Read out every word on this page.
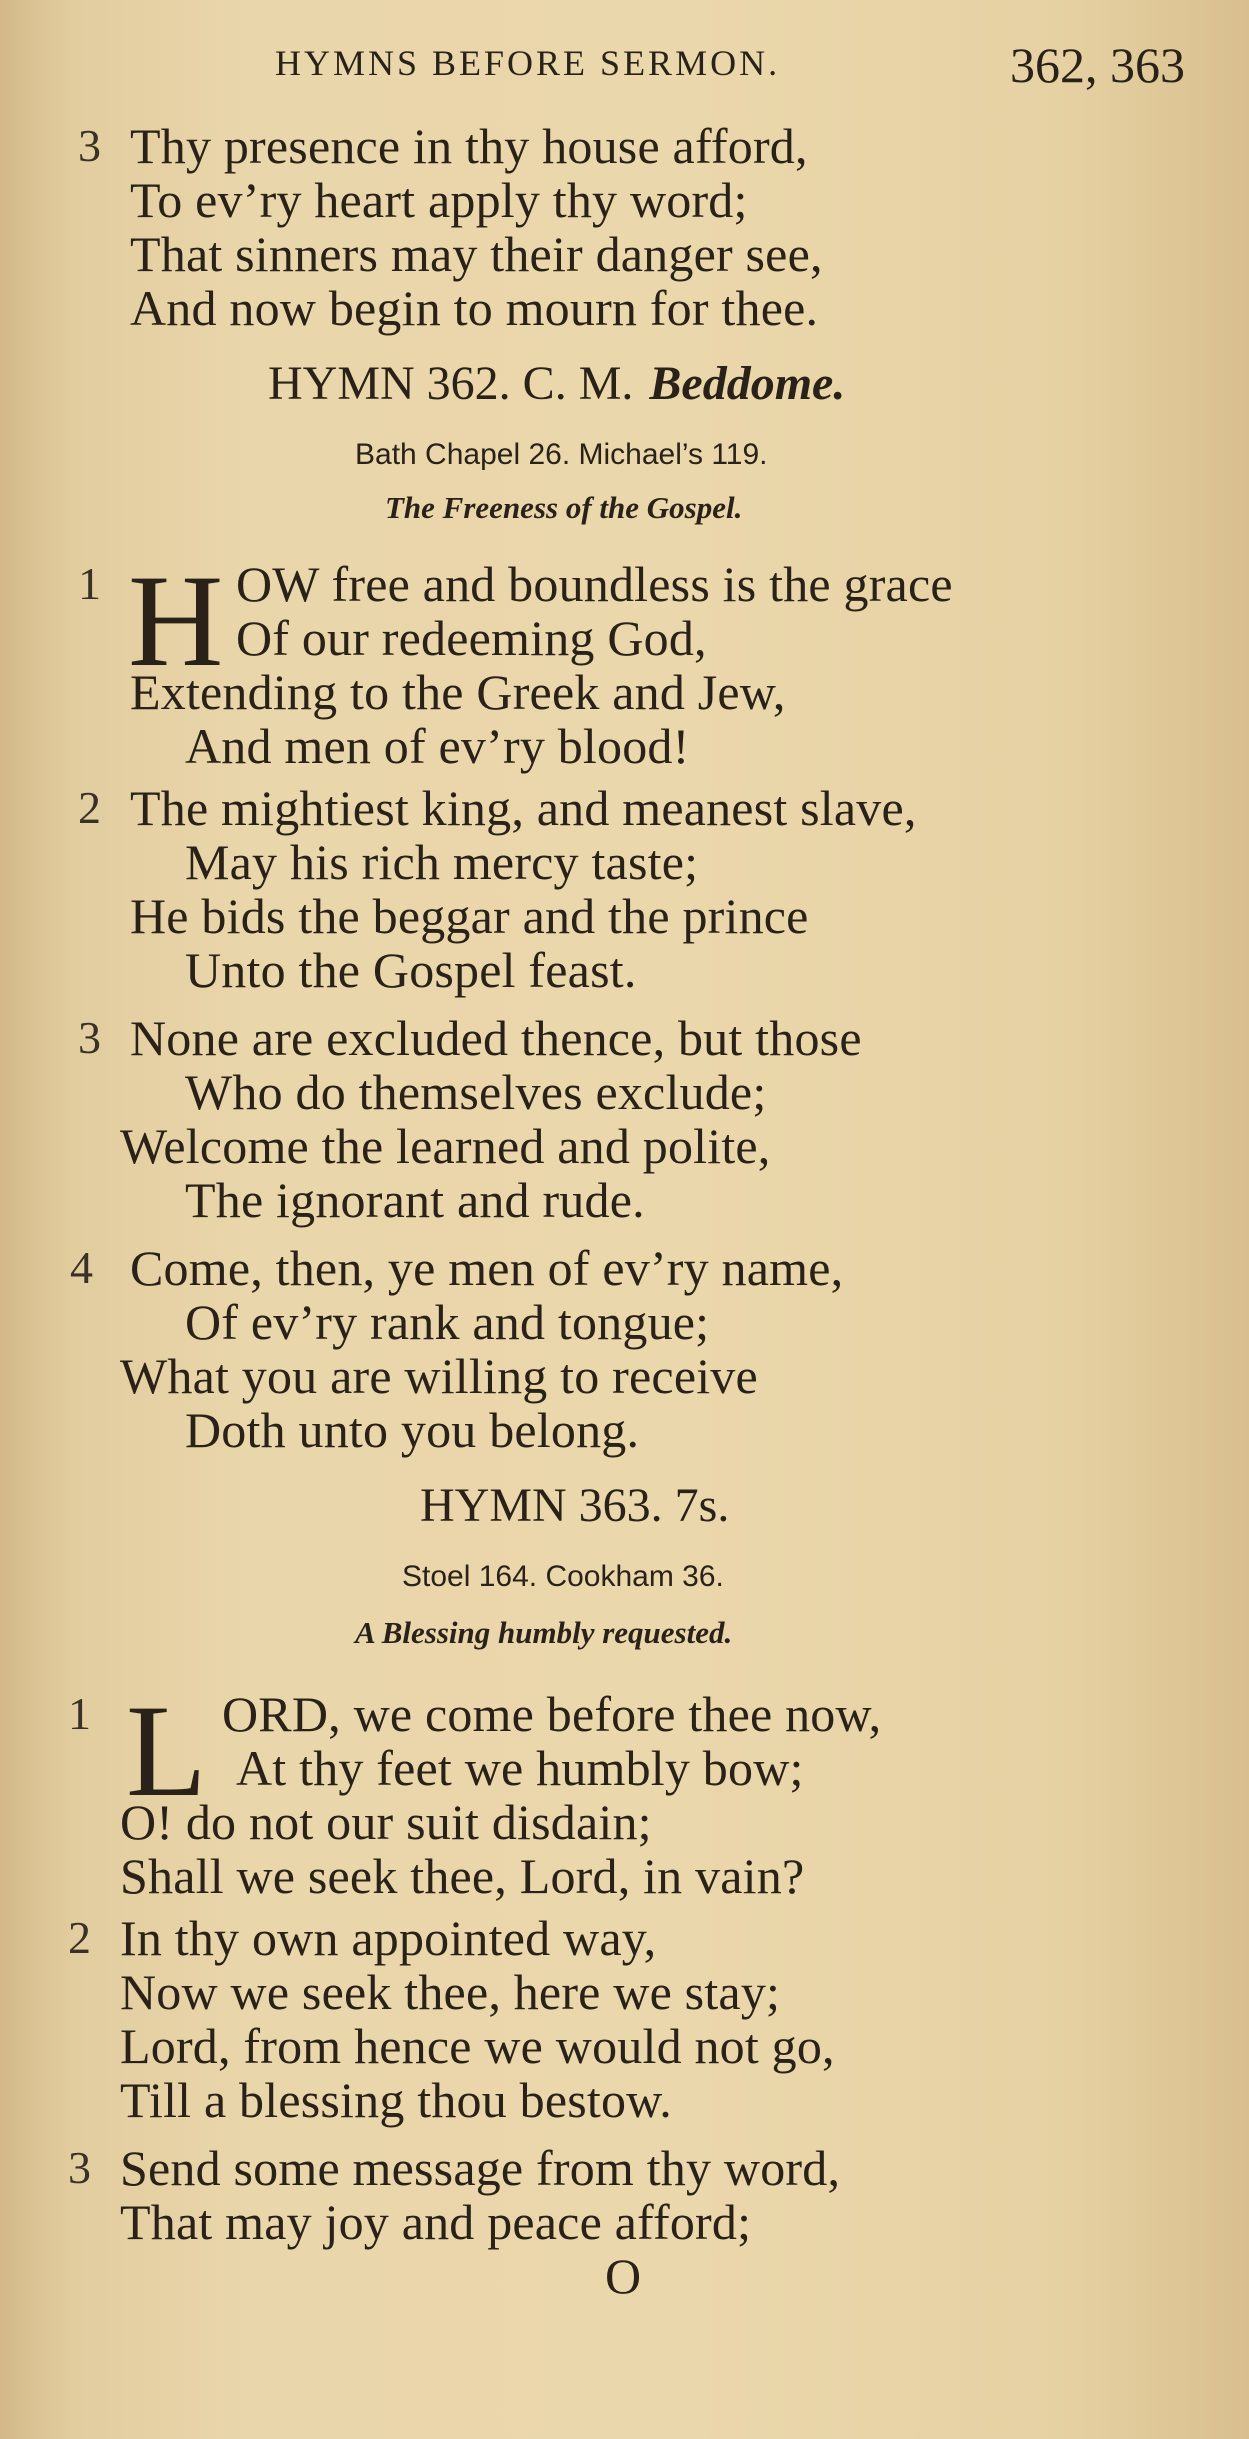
HYMNS BEFORE SERMON.	362, 363
3 Thy presence in thy house afford,
To ev’ry heart apply thy word;
That sinners may their danger see,
And now begin to mourn for thee.
HYMN 362. C. M. Beddome.
Bath Chapel 26. Michael’s 119.
The Freeness of the Gospel.
1 H OW free and boundless is the grace
Of our redeeming God,
Extending to the Greek and Jew,
And men of ev’ry blood!
2 The mightiest king, and meanest slave,
May his rich mercy taste;
He bids the beggar and the prince
Unto the Gospel feast.
3 None are excluded thence, but those
Who do themselves exclude;
Welcome the learned and polite,
The ignorant and rude.
4 Come, then, ye men of ev’ry name,
Of ev’ry rank and tongue;
What you are willing to receive
Doth unto you belong.
HYMN 363. 7s.
Stoel 164. Cookham 36.
A Blessing humbly requested.
1 L ORD, we come before thee now,
At thy feet we humbly bow;
O! do not our suit disdain;
Shall we seek thee, Lord, in vain?
2 In thy own appointed way,
Now we seek thee, here we stay;
Lord, from hence we would not go,
Till a blessing thou bestow.
3 Send some message from thy word,
That may joy and peace afford;
O
